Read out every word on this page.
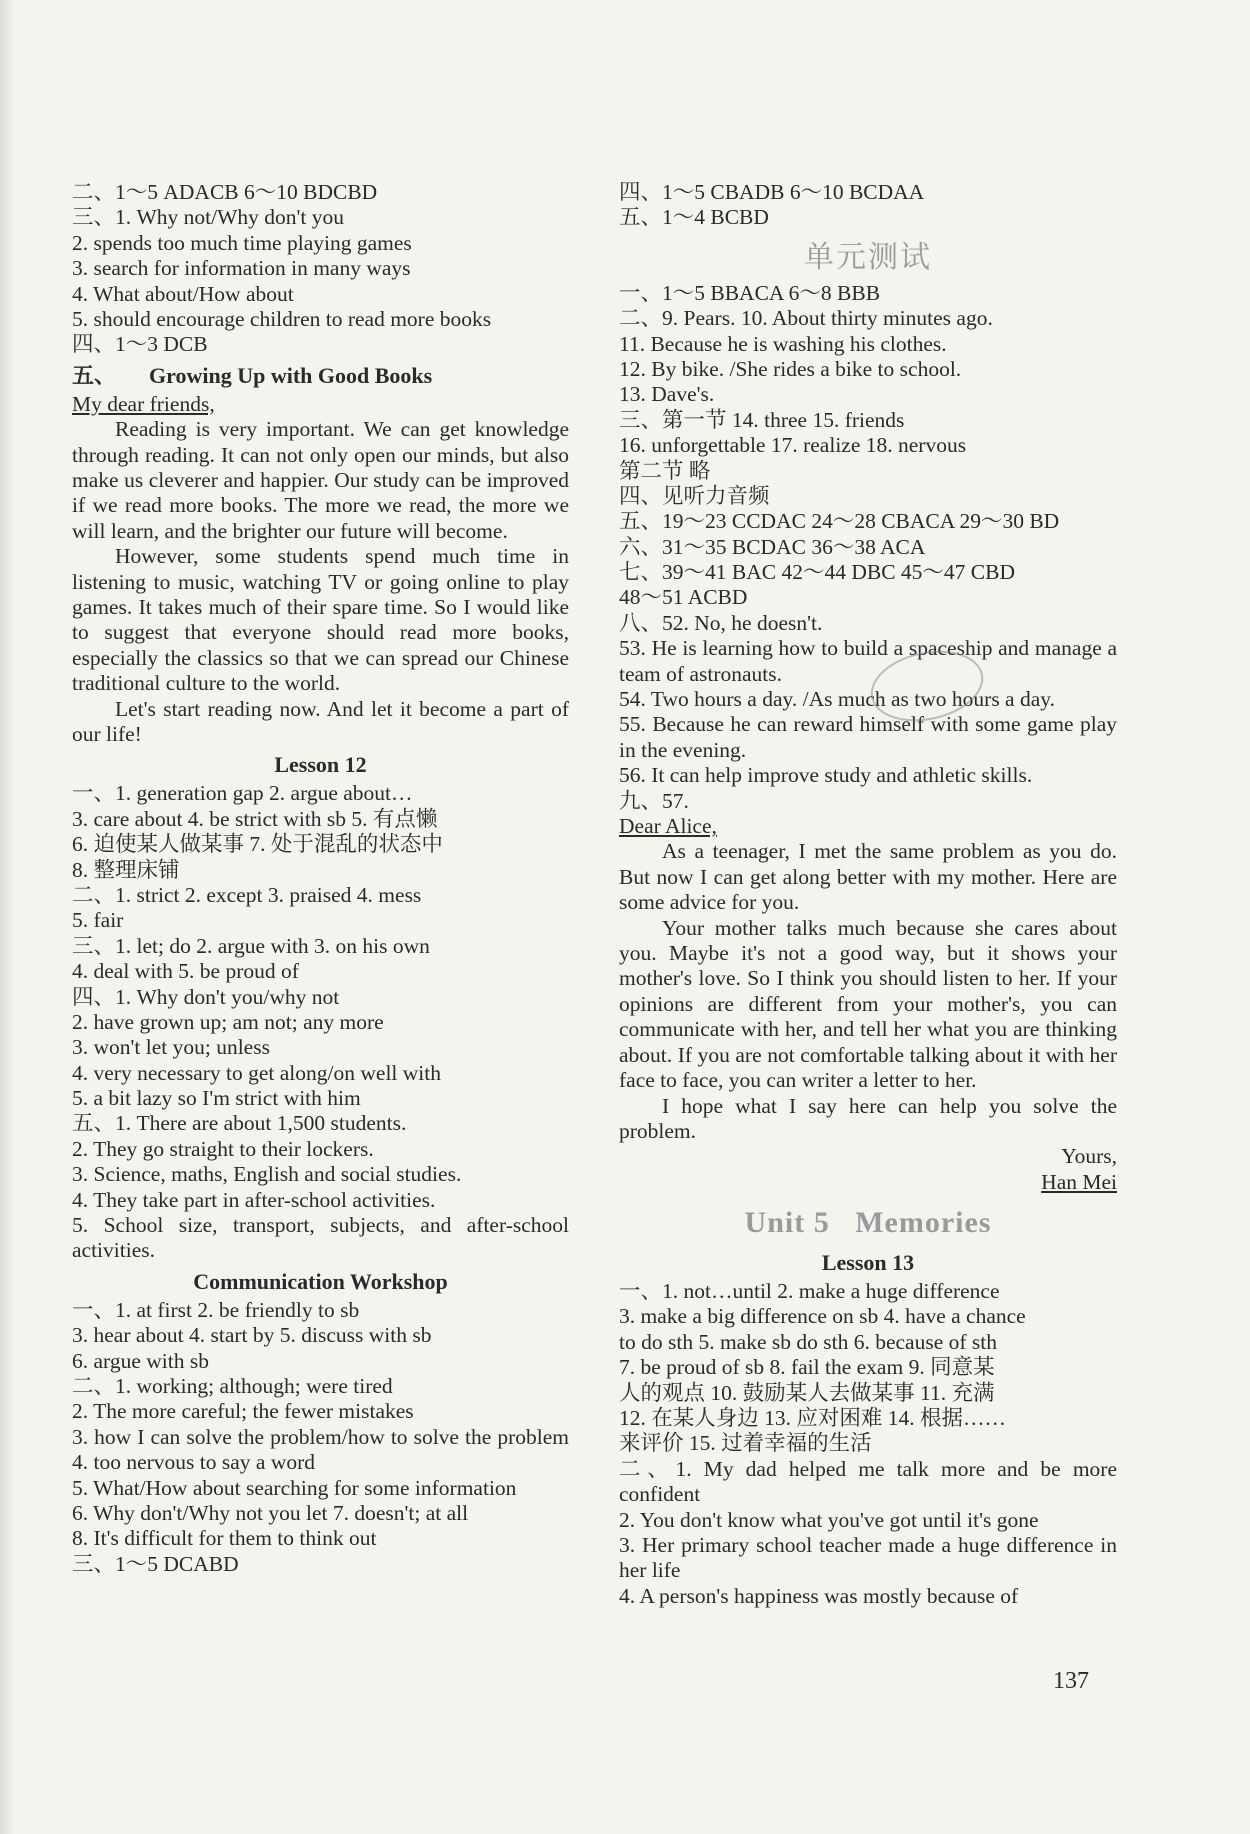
二、1～5 ADACB 6～10 BDCBD
三、1. Why not/Why don't you
2. spends too much time playing games
3. search for information in many ways
4. What about/How about
5. should encourage children to read more books
四、1～3 DCB
五、      Growing Up with Good Books
My dear friends,
Reading is very important. We can get knowledge through reading. It can not only open our minds, but also make us cleverer and happier. Our study can be improved if we read more books. The more we read, the more we will learn, and the brighter our future will become.
However, some students spend much time in listening to music, watching TV or going online to play games. It takes much of their spare time. So I would like to suggest that everyone should read more books, especially the classics so that we can spread our Chinese traditional culture to the world.
Let's start reading now. And let it become a part of our life!
Lesson 12
一、1. generation gap 2. argue about…
3. care about 4. be strict with sb 5. 有点懒
6. 迫使某人做某事 7. 处于混乱的状态中
8. 整理床铺
二、1. strict 2. except 3. praised 4. mess
5. fair
三、1. let; do 2. argue with 3. on his own
4. deal with 5. be proud of
四、1. Why don't you/why not
2. have grown up; am not; any more
3. won't let you; unless
4. very necessary to get along/on well with
5. a bit lazy so I'm strict with him
五、1. There are about 1,500 students.
2. They go straight to their lockers.
3. Science, maths, English and social studies.
4. They take part in after-school activities.
5. School size, transport, subjects, and after-school activities.
Communication Workshop
一、1. at first 2. be friendly to sb
3. hear about 4. start by 5. discuss with sb
6. argue with sb
二、1. working; although; were tired
2. The more careful; the fewer mistakes
3. how I can solve the problem/how to solve the problem 4. too nervous to say a word
5. What/How about searching for some information
6. Why don't/Why not you let 7. doesn't; at all
8. It's difficult for them to think out
三、1～5 DCABD
四、1～5 CBADB 6～10 BCDAA
五、1～4 BCBD
单元测试
一、1～5 BBACA 6～8 BBB
二、9. Pears. 10. About thirty minutes ago.
11. Because he is washing his clothes.
12. By bike. /She rides a bike to school.
13. Dave's.
三、第一节 14. three 15. friends
16. unforgettable 17. realize 18. nervous
第二节 略
四、见听力音频
五、19～23 CCDAC 24～28 CBACA 29～30 BD
六、31～35 BCDAC 36～38 ACA
七、39～41 BAC 42～44 DBC 45～47 CBD
48～51 ACBD
八、52. No, he doesn't.
53. He is learning how to build a spaceship and manage a team of astronauts.
54. Two hours a day. /As much as two hours a day.
55. Because he can reward himself with some game play in the evening.
56. It can help improve study and athletic skills.
九、57.
Dear Alice,
As a teenager, I met the same problem as you do. But now I can get along better with my mother. Here are some advice for you.
Your mother talks much because she cares about you. Maybe it's not a good way, but it shows your mother's love. So I think you should listen to her. If your opinions are different from your mother's, you can communicate with her, and tell her what you are thinking about. If you are not comfortable talking about it with her face to face, you can writer a letter to her.
I hope what I say here can help you solve the problem.
Yours,
Han Mei
Unit 5   Memories
Lesson 13
一、1. not…until 2. make a huge difference
3. make a big difference on sb 4. have a chance
to do sth 5. make sb do sth 6. because of sth
7. be proud of sb 8. fail the exam 9. 同意某
人的观点 10. 鼓励某人去做某事 11. 充满
12. 在某人身边 13. 应对困难 14. 根据……
来评价 15. 过着幸福的生活
二、1. My dad helped me talk more and be more confident
2. You don't know what you've got until it's gone
3. Her primary school teacher made a huge difference in her life
4. A person's happiness was mostly because of
137
